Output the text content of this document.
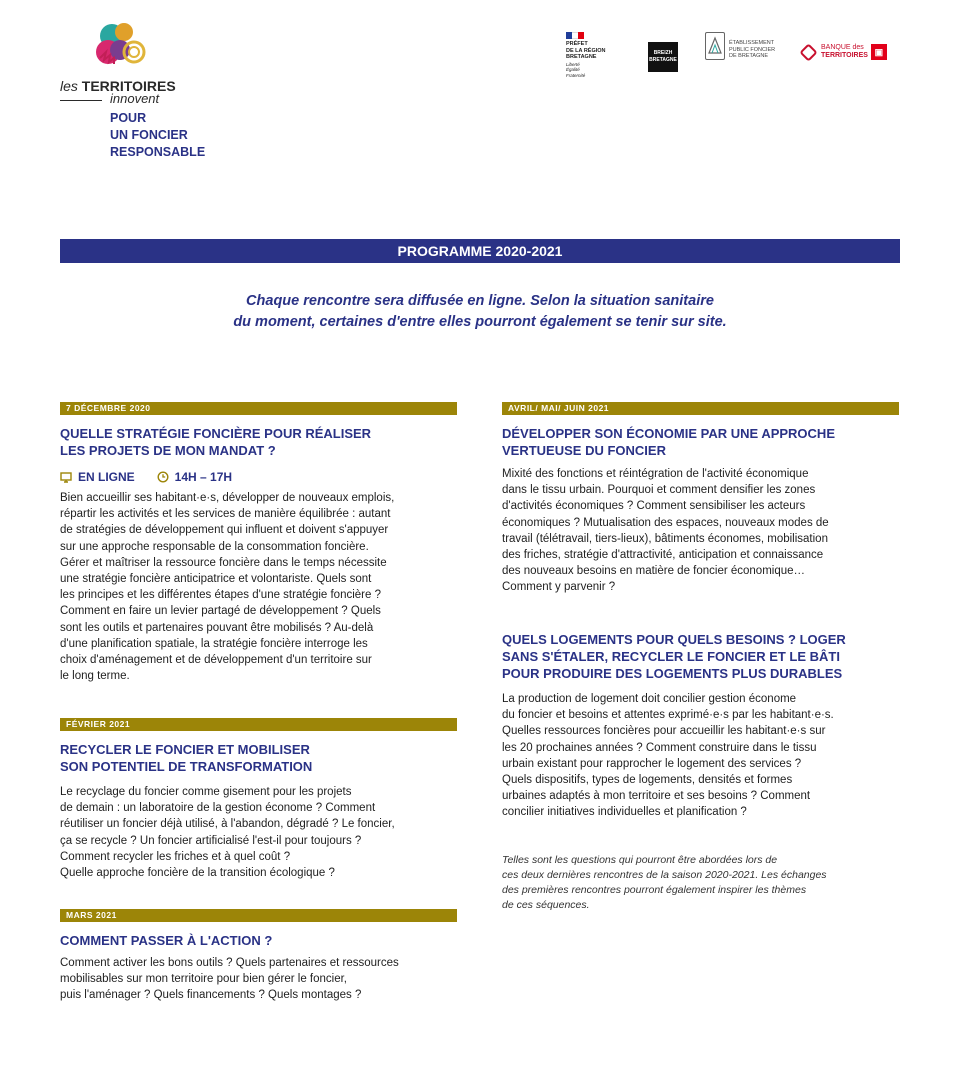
les TERRITOIRES
innovent
POUR
UN FONCIER
RESPONSABLE
PRÉFET
DE LA RÉGION
BRETAGNE
Liberté
Égalité
Fraternité
BREIZH
BRETAGNE
ÉTABLISSEMENT
PUBLIC FONCIER
DE BRETAGNE
BANQUE des
TERRITOIRES ▣
PROGRAMME 2020-2021
Chaque rencontre sera diffusée en ligne. Selon la situation sanitaire
du moment, certaines d'entre elles pourront également se tenir sur site.
7 DÉCEMBRE 2020
QUELLE STRATÉGIE FONCIÈRE POUR RÉALISER
LES PROJETS DE MON MANDAT ?
EN LIGNE	14H – 17H
Bien accueillir ses habitant·e·s, développer de nouveaux emplois,
répartir les activités et les services de manière équilibrée : autant
de stratégies de développement qui influent et doivent s'appuyer
sur une approche responsable de la consommation foncière.
Gérer et maîtriser la ressource foncière dans le temps nécessite
une stratégie foncière anticipatrice et volontariste. Quels sont
les principes et les différentes étapes d'une stratégie foncière ?
Comment en faire un levier partagé de développement ? Quels
sont les outils et partenaires pouvant être mobilisés ? Au-delà
d'une planification spatiale, la stratégie foncière interroge les
choix d'aménagement et de développement d'un territoire sur
le long terme.
FÉVRIER 2021
RECYCLER LE FONCIER ET MOBILISER
SON POTENTIEL DE TRANSFORMATION
Le recyclage du foncier comme gisement pour les projets
de demain : un laboratoire de la gestion économe ? Comment
réutiliser un foncier déjà utilisé, à l'abandon, dégradé ? Le foncier,
ça se recycle ? Un foncier artificialisé l'est-il pour toujours ?
Comment recycler les friches et à quel coût ?
Quelle approche foncière de la transition écologique ?
MARS 2021
COMMENT PASSER À L'ACTION ?
Comment activer les bons outils ? Quels partenaires et ressources
mobilisables sur mon territoire pour bien gérer le foncier,
puis l'aménager ? Quels financements ? Quels montages ?
AVRIL/ MAI/ JUIN 2021
DÉVELOPPER SON ÉCONOMIE PAR UNE APPROCHE
VERTUEUSE DU FONCIER
Mixité des fonctions et réintégration de l'activité économique
dans le tissu urbain. Pourquoi et comment densifier les zones
d'activités économiques ? Comment sensibiliser les acteurs
économiques ? Mutualisation des espaces, nouveaux modes de
travail (télétravail, tiers-lieux), bâtiments économes, mobilisation
des friches, stratégie d'attractivité, anticipation et connaissance
des nouveaux besoins en matière de foncier économique…
Comment y parvenir ?
QUELS LOGEMENTS POUR QUELS BESOINS ? LOGER
SANS S'ÉTALER, RECYCLER LE FONCIER ET LE BÂTI
POUR PRODUIRE DES LOGEMENTS PLUS DURABLES
La production de logement doit concilier gestion économe
du foncier et besoins et attentes exprimé·e·s par les habitant·e·s.
Quelles ressources foncières pour accueillir les habitant·e·s sur
les 20 prochaines années ? Comment construire dans le tissu
urbain existant pour rapprocher le logement des services ?
Quels dispositifs, types de logements, densités et formes
urbaines adaptés à mon territoire et ses besoins ? Comment
concilier initiatives individuelles et planification ?
Telles sont les questions qui pourront être abordées lors de
ces deux dernières rencontres de la saison 2020-2021. Les échanges
des premières rencontres pourront également inspirer les thèmes
de ces séquences.
